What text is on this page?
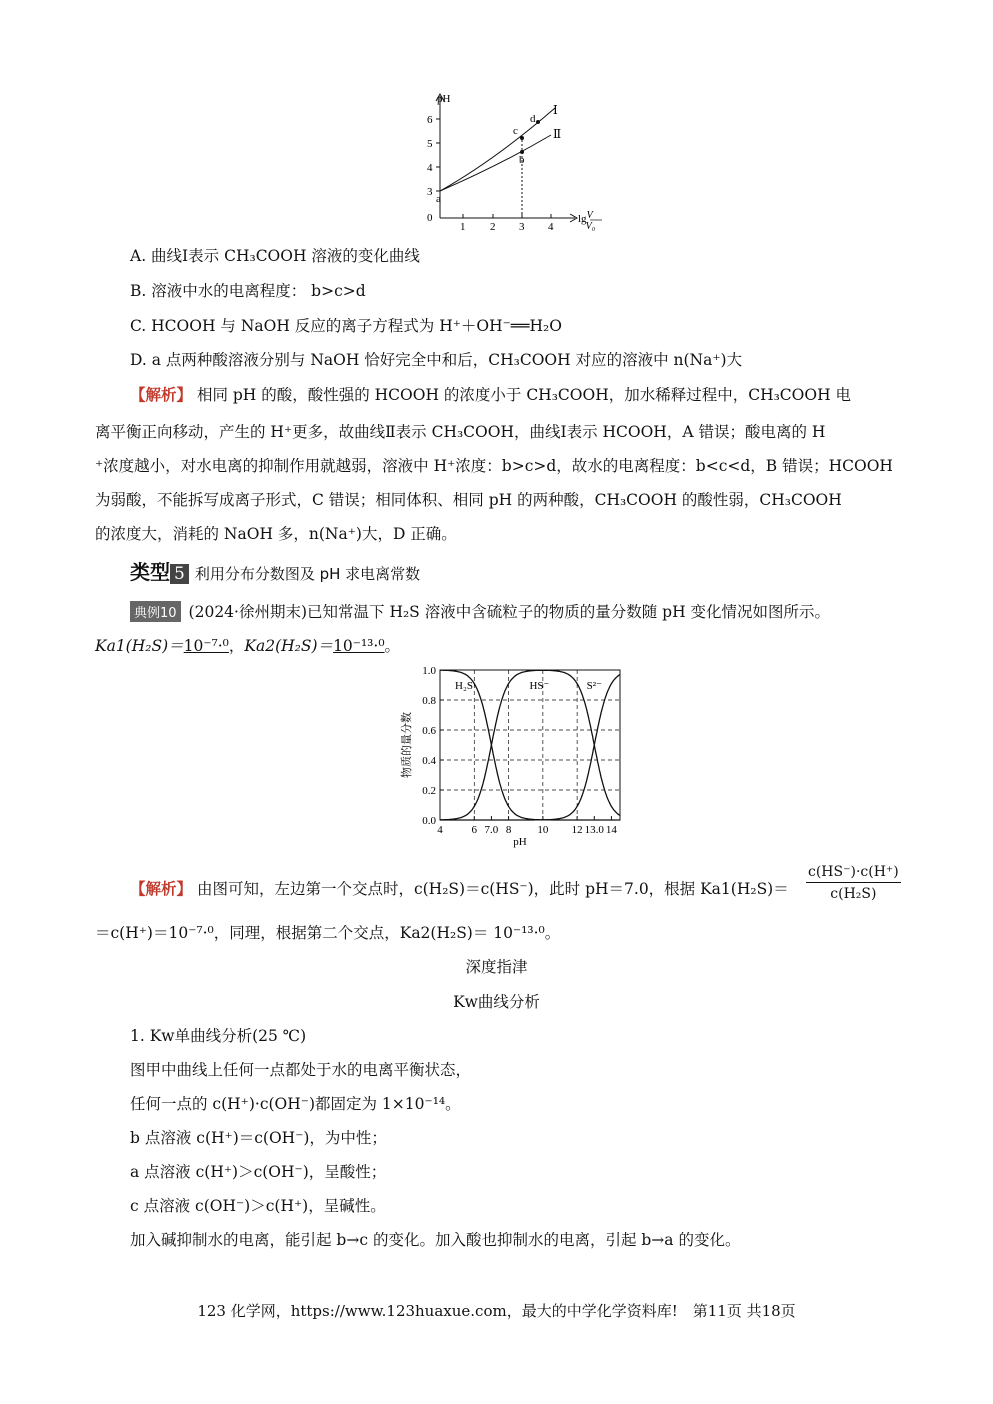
pH
6
5
4
3
0
1 2 3 4
lgV V₀
a
b
c
d
Ⅰ
Ⅱ
A. 曲线Ⅰ表示 CH₃COOH 溶液的变化曲线
B. 溶液中水的电离程度： b>c>d
C. HCOOH 与 NaOH 反应的离子方程式为 H⁺＋OH⁻══H₂O
D. a 点两种酸溶液分别与 NaOH 恰好完全中和后，CH₃COOH 对应的溶液中 n(Na⁺)大
【解析】 相同 pH 的酸，酸性强的 HCOOH 的浓度小于 CH₃COOH，加水稀释过程中，CH₃COOH 电
离平衡正向移动，产生的 H⁺更多，故曲线Ⅱ表示 CH₃COOH，曲线Ⅰ表示 HCOOH，A 错误；酸电离的 H
⁺浓度越小，对水电离的抑制作用就越弱，溶液中 H⁺浓度：b>c>d，故水的电离程度：b<c<d，B 错误；HCOOH
为弱酸，不能拆写成离子形式，C 错误；相同体积、相同 pH 的两种酸，CH₃COOH 的酸性弱，CH₃COOH
的浓度大，消耗的 NaOH 多，n(Na⁺)大，D 正确。
类型 5 利用分布分数图及 pH 求电离常数
典例10 (2024·徐州期末)已知常温下 H₂S 溶液中含硫粒子的物质的量分数随 pH 变化情况如图所示。
Ka1(H₂S)＝10⁻⁷·⁰，Ka2(H₂S)＝10⁻¹³·⁰。
0.0
0.2
0.4
0.6
0.8
1.0
4	6 7.0 8 10 12 13.0 14
pH
物质的量分数
H₂S	HS⁻	S²⁻
【解析】 由图可知，左边第一个交点时，c(H₂S)＝c(HS⁻)，此时 pH＝7.0，根据 $Ka1(H_2S)= \frac{c(HS^-)\cdot c(H^+)}{\text{c(H₂S)}}$
＝c(H⁺)＝10⁻⁷·⁰，同理，根据第二个交点，Ka2(H₂S)＝ 10⁻¹³·⁰。
深度指津
Kw曲线分析
1. Kw单曲线分析(25 ℃)
图甲中曲线上任何一点都处于水的电离平衡状态，
任何一点的 c(H⁺)·c(OH⁻)都固定为 1×10⁻¹⁴。
b 点溶液 c(H⁺)＝c(OH⁻)，为中性；
a 点溶液 c(H⁺)＞c(OH⁻)，呈酸性；
c 点溶液 c(OH⁻)＞c(H⁺)，呈碱性。
加入碱抑制水的电离，能引起 b→c 的变化。加入酸也抑制水的电离，引起 b→a 的变化。
123 化学网，https://www.123huaxue.com，最大的中学化学资料库!　第11页 共18页
